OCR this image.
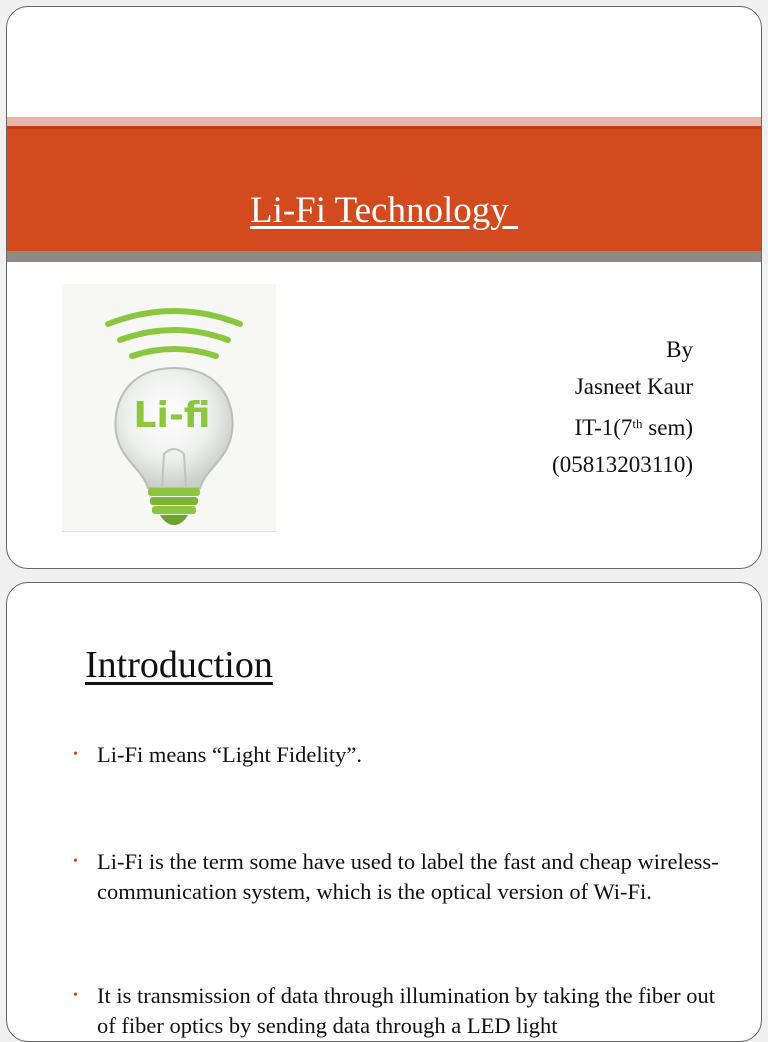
Li-Fi Technology
Li-fi
By
Jasneet Kaur
IT-1(7th sem)
(05813203110)
Introduction
• Li-Fi means “Light Fidelity”.
• Li-Fi is the term some have used to label the fast and cheap wireless-communication system, which is the optical version of Wi-Fi.
• It is transmission of data through illumination by taking the fiber out of fiber optics by sending data through a LED light
